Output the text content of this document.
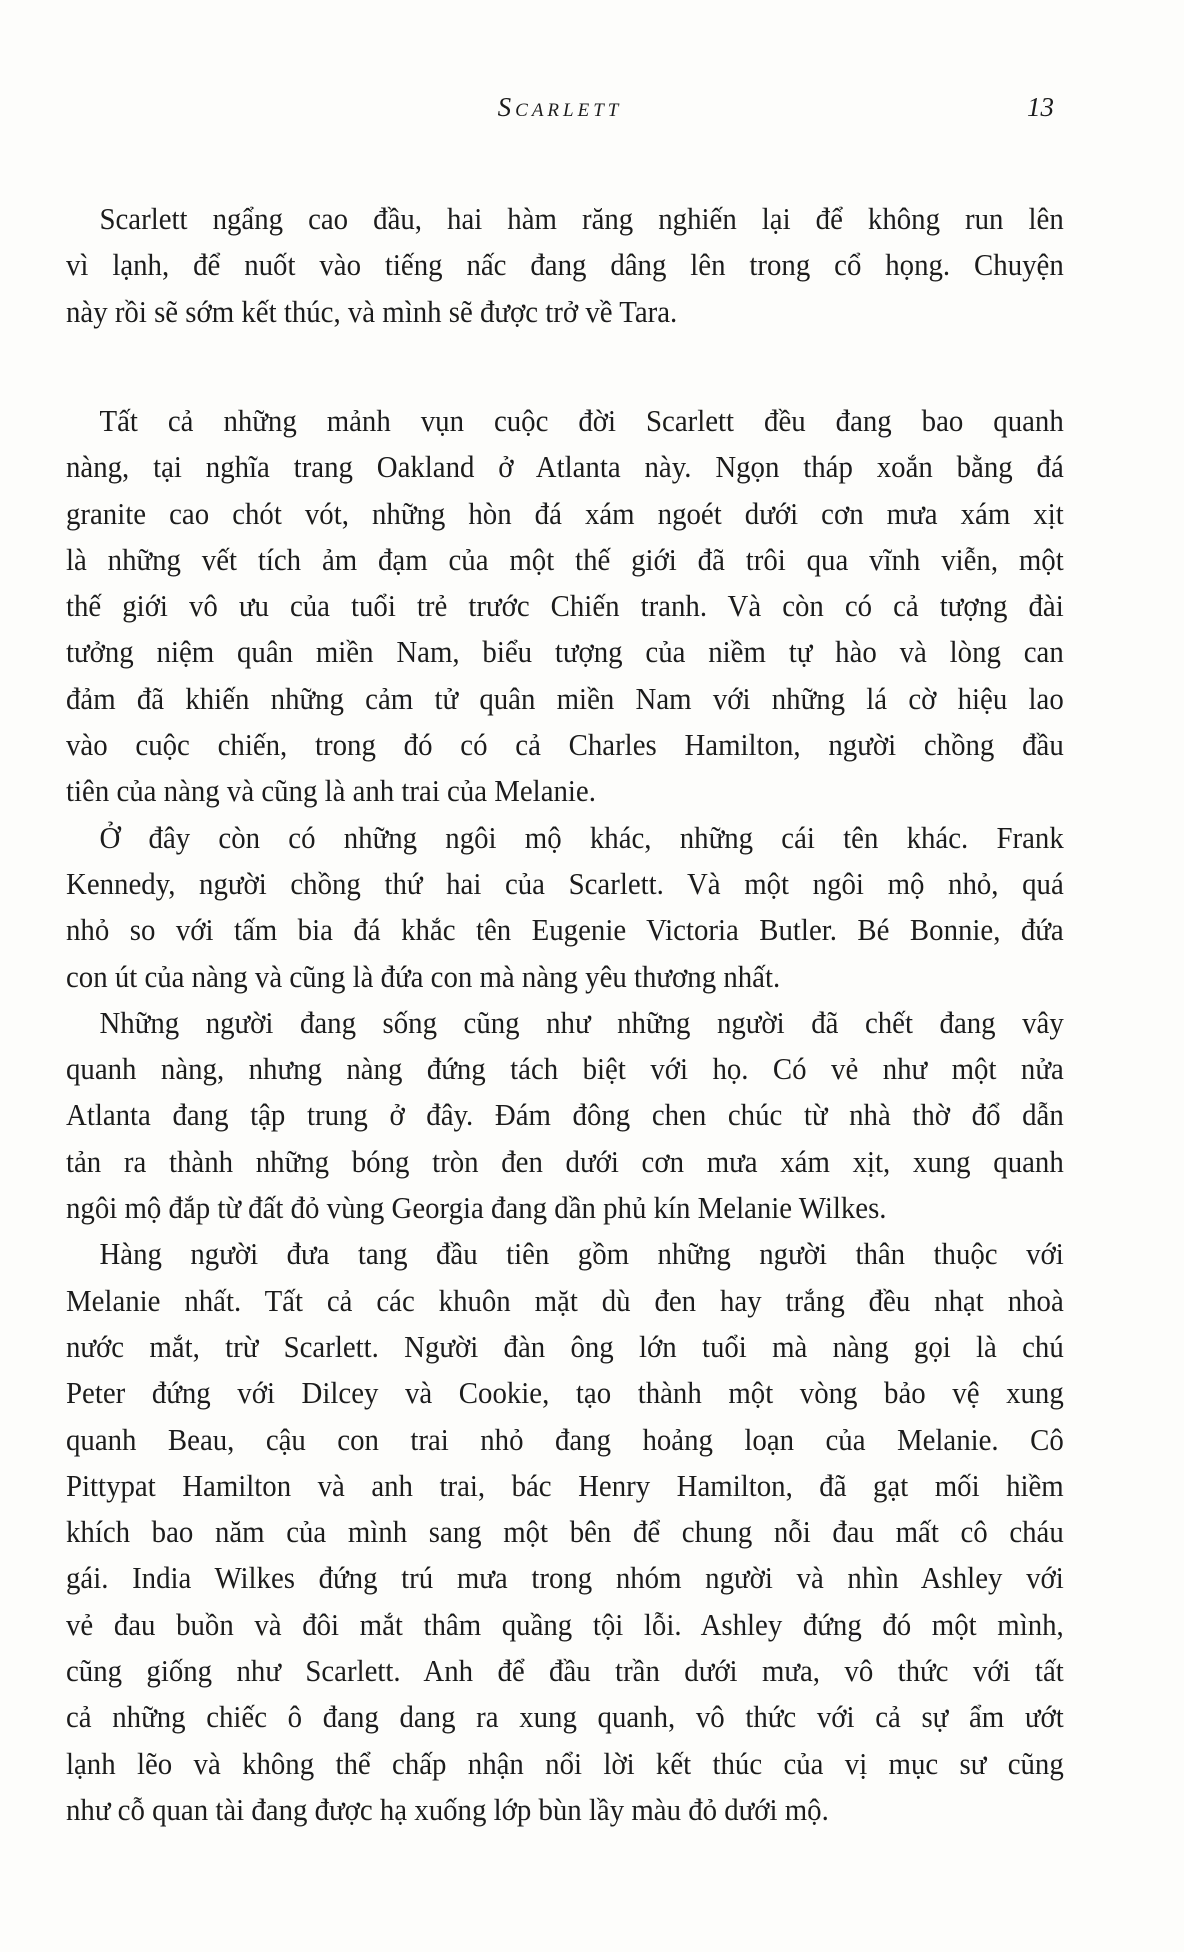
Scarlett	13
Scarlett ngẩng cao đầu, hai hàm răng nghiến lại để không run lên
vì lạnh, để nuốt vào tiếng nấc đang dâng lên trong cổ họng. Chuyện
này rồi sẽ sớm kết thúc, và mình sẽ được trở về Tara.
Tất cả những mảnh vụn cuộc đời Scarlett đều đang bao quanh
nàng, tại nghĩa trang Oakland ở Atlanta này. Ngọn tháp xoắn bằng đá
granite cao chót vót, những hòn đá xám ngoét dưới cơn mưa xám xịt
là những vết tích ảm đạm của một thế giới đã trôi qua vĩnh viễn, một
thế giới vô ưu của tuổi trẻ trước Chiến tranh. Và còn có cả tượng đài
tưởng niệm quân miền Nam, biểu tượng của niềm tự hào và lòng can
đảm đã khiến những cảm tử quân miền Nam với những lá cờ hiệu lao
vào cuộc chiến, trong đó có cả Charles Hamilton, người chồng đầu
tiên của nàng và cũng là anh trai của Melanie.
Ở đây còn có những ngôi mộ khác, những cái tên khác. Frank
Kennedy, người chồng thứ hai của Scarlett. Và một ngôi mộ nhỏ, quá
nhỏ so với tấm bia đá khắc tên Eugenie Victoria Butler. Bé Bonnie, đứa
con út của nàng và cũng là đứa con mà nàng yêu thương nhất.
Những người đang sống cũng như những người đã chết đang vây
quanh nàng, nhưng nàng đứng tách biệt với họ. Có vẻ như một nửa
Atlanta đang tập trung ở đây. Đám đông chen chúc từ nhà thờ đổ dẫn
tản ra thành những bóng tròn đen dưới cơn mưa xám xịt, xung quanh
ngôi mộ đắp từ đất đỏ vùng Georgia đang dần phủ kín Melanie Wilkes.
Hàng người đưa tang đầu tiên gồm những người thân thuộc với
Melanie nhất. Tất cả các khuôn mặt dù đen hay trắng đều nhạt nhoà
nước mắt, trừ Scarlett. Người đàn ông lớn tuổi mà nàng gọi là chú
Peter đứng với Dilcey và Cookie, tạo thành một vòng bảo vệ xung
quanh Beau, cậu con trai nhỏ đang hoảng loạn của Melanie. Cô
Pittypat Hamilton và anh trai, bác Henry Hamilton, đã gạt mối hiềm
khích bao năm của mình sang một bên để chung nỗi đau mất cô cháu
gái. India Wilkes đứng trú mưa trong nhóm người và nhìn Ashley với
vẻ đau buồn và đôi mắt thâm quầng tội lỗi. Ashley đứng đó một mình,
cũng giống như Scarlett. Anh để đầu trần dưới mưa, vô thức với tất
cả những chiếc ô đang dang ra xung quanh, vô thức với cả sự ẩm ướt
lạnh lẽo và không thể chấp nhận nổi lời kết thúc của vị mục sư cũng
như cỗ quan tài đang được hạ xuống lớp bùn lầy màu đỏ dưới mộ.
